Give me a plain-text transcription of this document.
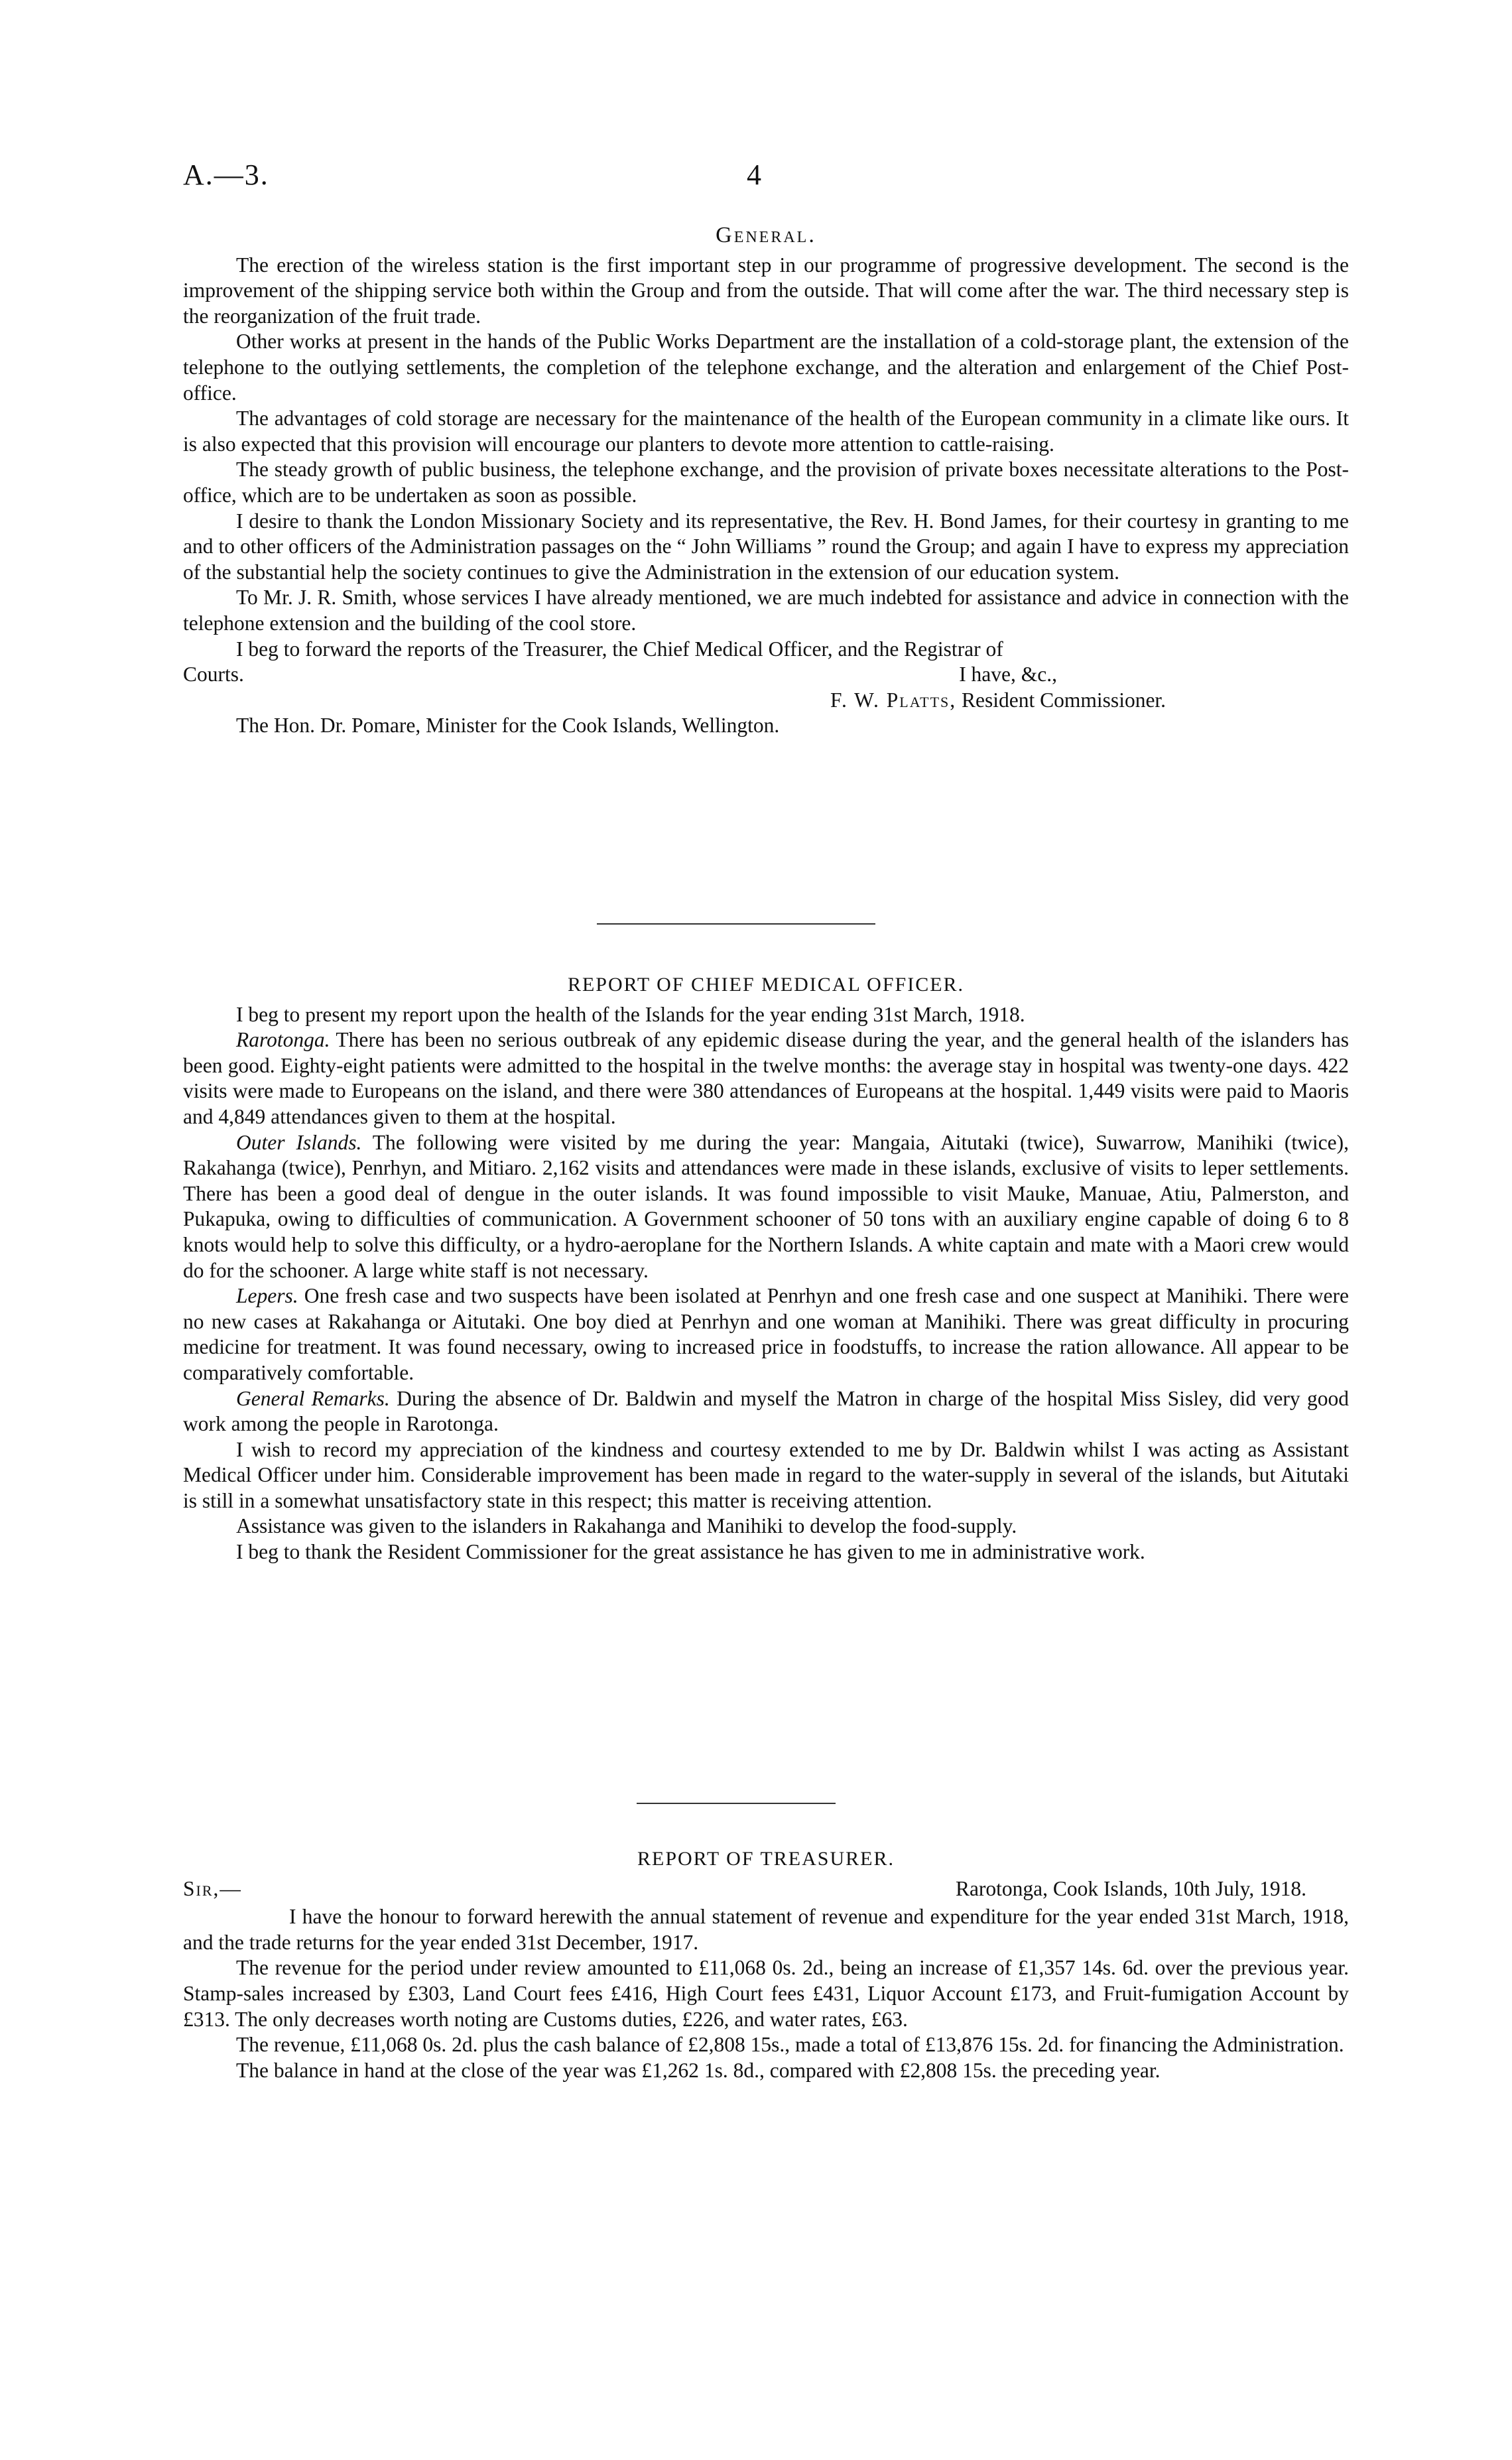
A.—3.	4
General.

The erection of the wireless station is the first important step in our programme of progressive development. The second is the improvement of the shipping service both within the Group and from the outside. That will come after the war. The third necessary step is the reorganization of the fruit trade.

Other works at present in the hands of the Public Works Department are the installation of a cold-storage plant, the extension of the telephone to the outlying settlements, the completion of the telephone exchange, and the alteration and enlargement of the Chief Post-office.

The advantages of cold storage are necessary for the maintenance of the health of the European community in a climate like ours. It is also expected that this provision will encourage our planters to devote more attention to cattle-raising.

The steady growth of public business, the telephone exchange, and the provision of private boxes necessitate alterations to the Post-office, which are to be undertaken as soon as possible.

I desire to thank the London Missionary Society and its representative, the Rev. H. Bond James, for their courtesy in granting to me and to other officers of the Administration passages on the “ John Williams ” round the Group; and again I have to express my appreciation of the substantial help the society continues to give the Administration in the extension of our education system.

To Mr. J. R. Smith, whose services I have already mentioned, we are much indebted for assistance and advice in connection with the telephone extension and the building of the cool store.

I beg to forward the reports of the Treasurer, the Chief Medical Officer, and the Registrar of

Courts.	I have, &c.,
F. W. Platts, Resident Commissioner.
The Hon. Dr. Pomare, Minister for the Cook Islands, Wellington.
REPORT OF CHIEF MEDICAL OFFICER.

I beg to present my report upon the health of the Islands for the year ending 31st March, 1918.

Rarotonga. There has been no serious outbreak of any epidemic disease during the year, and the general health of the islanders has been good. Eighty-eight patients were admitted to the hospital in the twelve months: the average stay in hospital was twenty-one days. 422 visits were made to Europeans on the island, and there were 380 attendances of Europeans at the hospital. 1,449 visits were paid to Maoris and 4,849 attendances given to them at the hospital.

Outer Islands. The following were visited by me during the year: Mangaia, Aitutaki (twice), Suwarrow, Manihiki (twice), Rakahanga (twice), Penrhyn, and Mitiaro. 2,162 visits and attendances were made in these islands, exclusive of visits to leper settlements. There has been a good deal of dengue in the outer islands. It was found impossible to visit Mauke, Manuae, Atiu, Palmerston, and Pukapuka, owing to difficulties of communication. A Government schooner of 50 tons with an auxiliary engine capable of doing 6 to 8 knots would help to solve this difficulty, or a hydro-aeroplane for the Northern Islands. A white captain and mate with a Maori crew would do for the schooner. A large white staff is not necessary.

Lepers. One fresh case and two suspects have been isolated at Penrhyn and one fresh case and one suspect at Manihiki. There were no new cases at Rakahanga or Aitutaki. One boy died at Penrhyn and one woman at Manihiki. There was great difficulty in procuring medicine for treatment. It was found necessary, owing to increased price in foodstuffs, to increase the ration allowance. All appear to be comparatively comfortable.

General Remarks. During the absence of Dr. Baldwin and myself the Matron in charge of the hospital Miss Sisley, did very good work among the people in Rarotonga.

I wish to record my appreciation of the kindness and courtesy extended to me by Dr. Baldwin whilst I was acting as Assistant Medical Officer under him. Considerable improvement has been made in regard to the water-supply in several of the islands, but Aitutaki is still in a somewhat unsatisfactory state in this respect; this matter is receiving attention.

Assistance was given to the islanders in Rakahanga and Manihiki to develop the food-supply.

I beg to thank the Resident Commissioner for the great assistance he has given to me in administrative work.

REPORT OF TREASURER.
Sir,—	Rarotonga, Cook Islands, 10th July, 1918.

I have the honour to forward herewith the annual statement of revenue and expenditure for the year ended 31st March, 1918, and the trade returns for the year ended 31st December, 1917.

The revenue for the period under review amounted to £11,068 0s. 2d., being an increase of £1,357 14s. 6d. over the previous year. Stamp-sales increased by £303, Land Court fees £416, High Court fees £431, Liquor Account £173, and Fruit-fumigation Account by £313. The only decreases worth noting are Customs duties, £226, and water rates, £63.

The revenue, £11,068 0s. 2d. plus the cash balance of £2,808 15s., made a total of £13,876 15s. 2d. for financing the Administration.

The balance in hand at the close of the year was £1,262 1s. 8d., compared with £2,808 15s. the preceding year.
